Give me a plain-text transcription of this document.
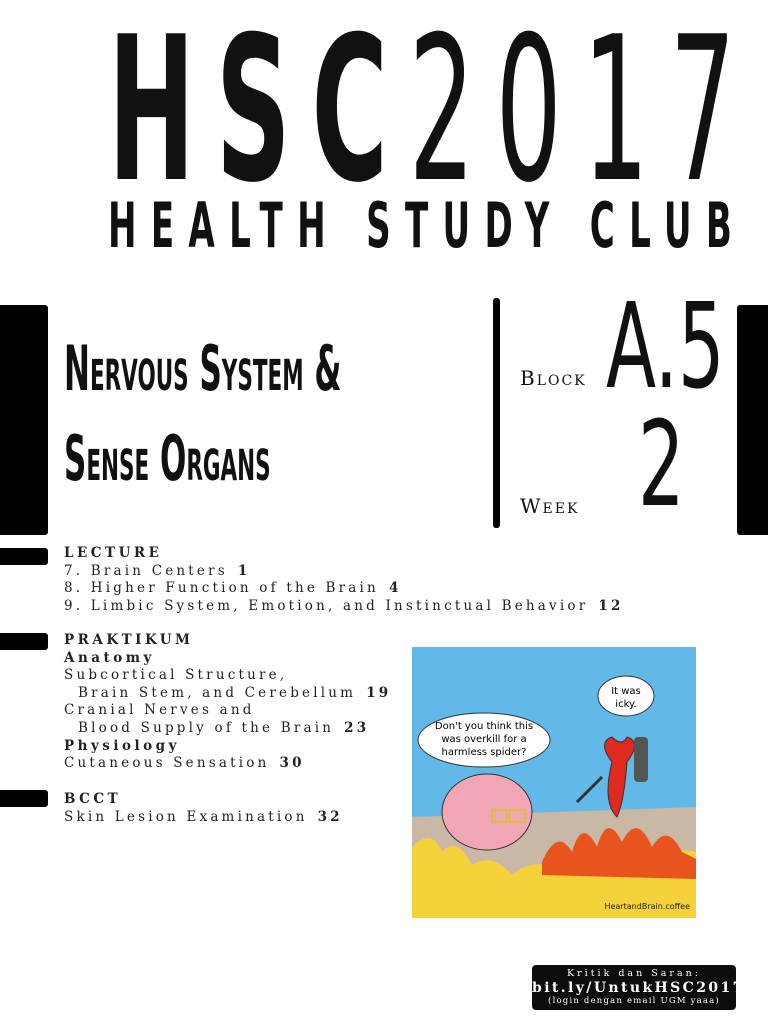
HSC2017
HEALTH STUDY CLUB
Nervous System &
Sense Organs
Block A.5
Week 2
LECTURE
7. Brain Centers 1
8. Higher Function of the Brain 4
9. Limbic System, Emotion, and Instinctual Behavior 12
PRAKTIKUM
Anatomy
Subcortical Structure,
Brain Stem, and Cerebellum 19
Cranial Nerves and
Blood Supply of the Brain 23
Physiology
Cutaneous Sensation 30
BCCT
Skin Lesion Examination 32
Don't you think this
was overkill for a
harmless spider?
It was
icky.
HeartandBrain.coffee
Kritik dan Saran:
bit.ly/UntukHSC2017
(login dengan email UGM yaaa)
